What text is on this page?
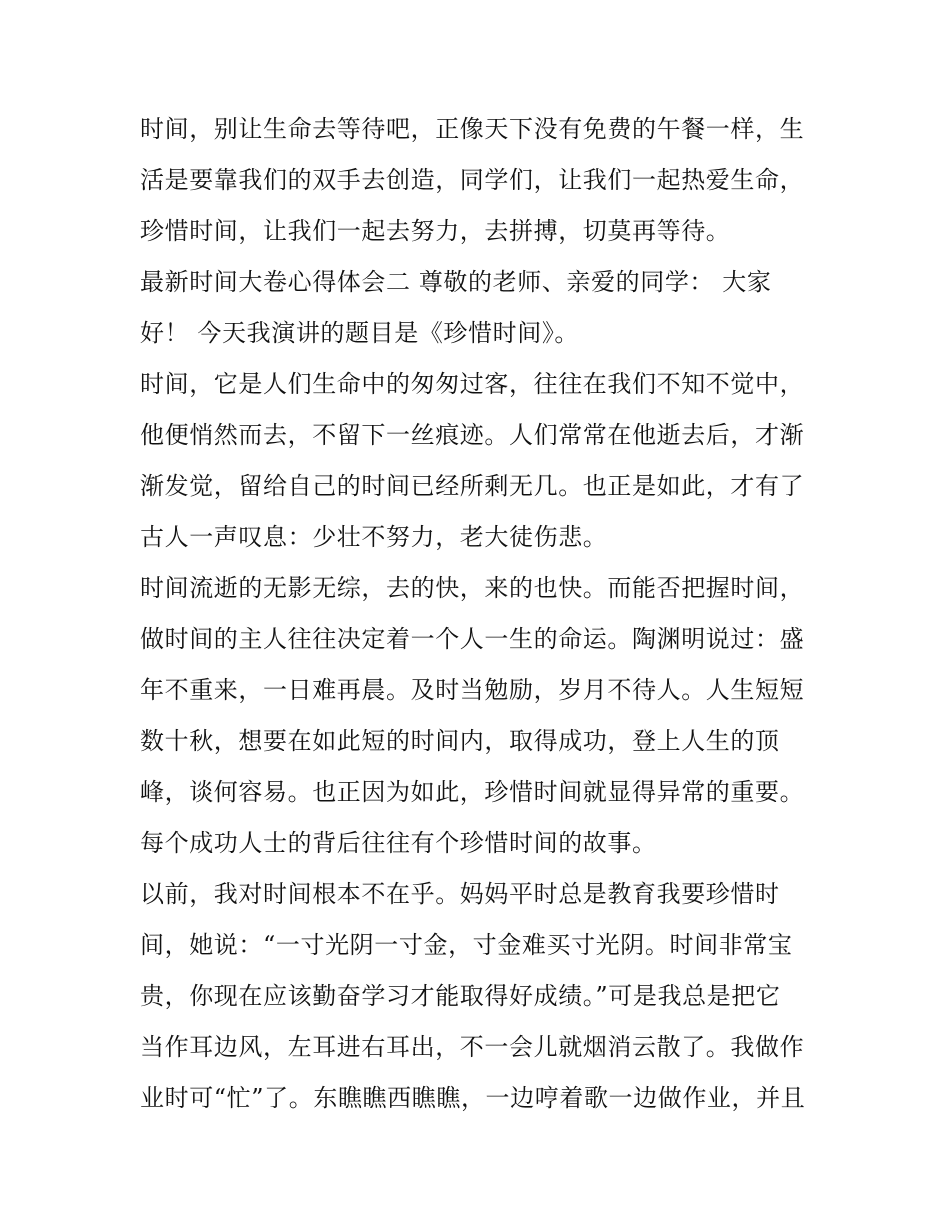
时间，别让生命去等待吧，正像天下没有免费的午餐一样，生
活是要靠我们的双手去创造，同学们，让我们一起热爱生命，
珍惜时间，让我们一起去努力，去拼搏，切莫再等待。
最新时间大卷心得体会二 尊敬的老师、亲爱的同学： 大家
好！ 今天我演讲的题目是《珍惜时间》。
时间，它是人们生命中的匆匆过客，往往在我们不知不觉中，
他便悄然而去，不留下一丝痕迹。人们常常在他逝去后，才渐
渐发觉，留给自己的时间已经所剩无几。也正是如此，才有了
古人一声叹息：少壮不努力，老大徒伤悲。
时间流逝的无影无综，去的快，来的也快。而能否把握时间，
做时间的主人往往决定着一个人一生的命运。陶渊明说过：盛
年不重来，一日难再晨。及时当勉励，岁月不待人。人生短短
数十秋，想要在如此短的时间内，取得成功，登上人生的顶
峰，谈何容易。也正因为如此，珍惜时间就显得异常的重要。
每个成功人士的背后往往有个珍惜时间的故事。
以前，我对时间根本不在乎。妈妈平时总是教育我要珍惜时
间，她说：“一寸光阴一寸金，寸金难买寸光阴。时间非常宝
贵，你现在应该勤奋学习才能取得好成绩。”可是我总是把它
当作耳边风，左耳进右耳出，不一会儿就烟消云散了。我做作
业时可“忙”了。东瞧瞧西瞧瞧，一边哼着歌一边做作业，并且
